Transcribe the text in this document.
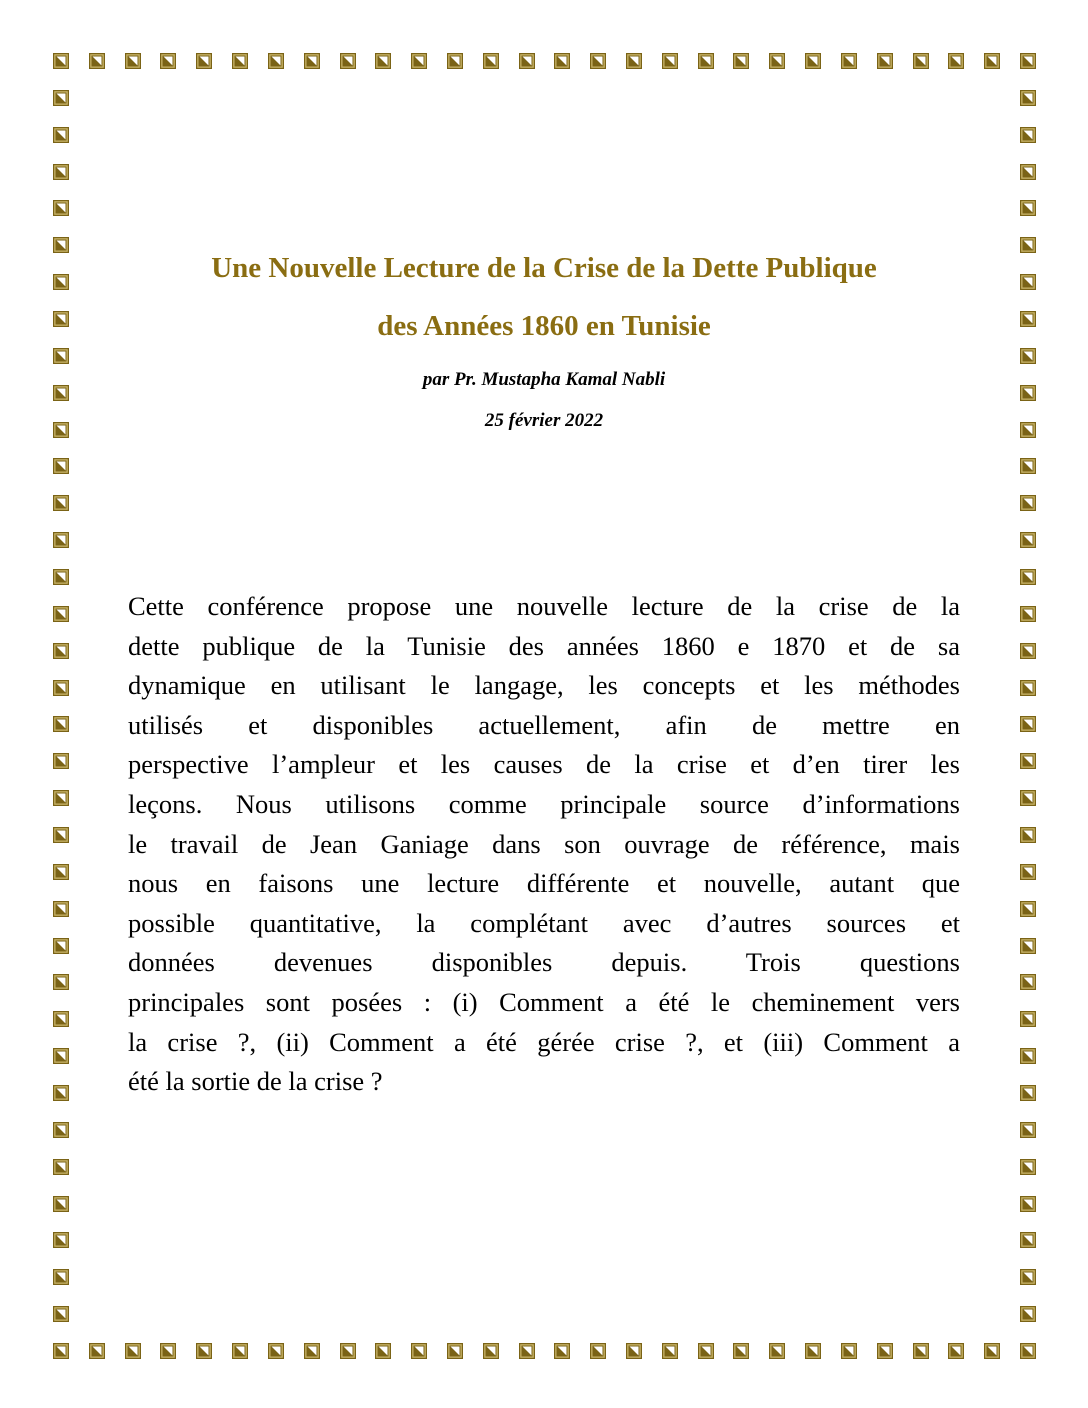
Une Nouvelle Lecture de la Crise de la Dette Publique
des Années 1860 en Tunisie

par Pr. Mustapha Kamal Nabli

25 février 2022

Cette conférence propose une nouvelle lecture de la crise de la
dette publique de la Tunisie des années 1860 e 1870 et de sa
dynamique en utilisant le langage, les concepts et les méthodes
utilisés et disponibles actuellement, afin de mettre en
perspective l’ampleur et les causes de la crise et d’en tirer les
leçons. Nous utilisons comme principale source d’informations
le travail de Jean Ganiage dans son ouvrage de référence, mais
nous en faisons une lecture différente et nouvelle, autant que
possible quantitative, la complétant avec d’autres sources et
données devenues disponibles depuis. Trois questions
principales sont posées : (i) Comment a été le cheminement vers
la crise ?, (ii) Comment a été gérée crise ?, et (iii) Comment a
été la sortie de la crise ?
